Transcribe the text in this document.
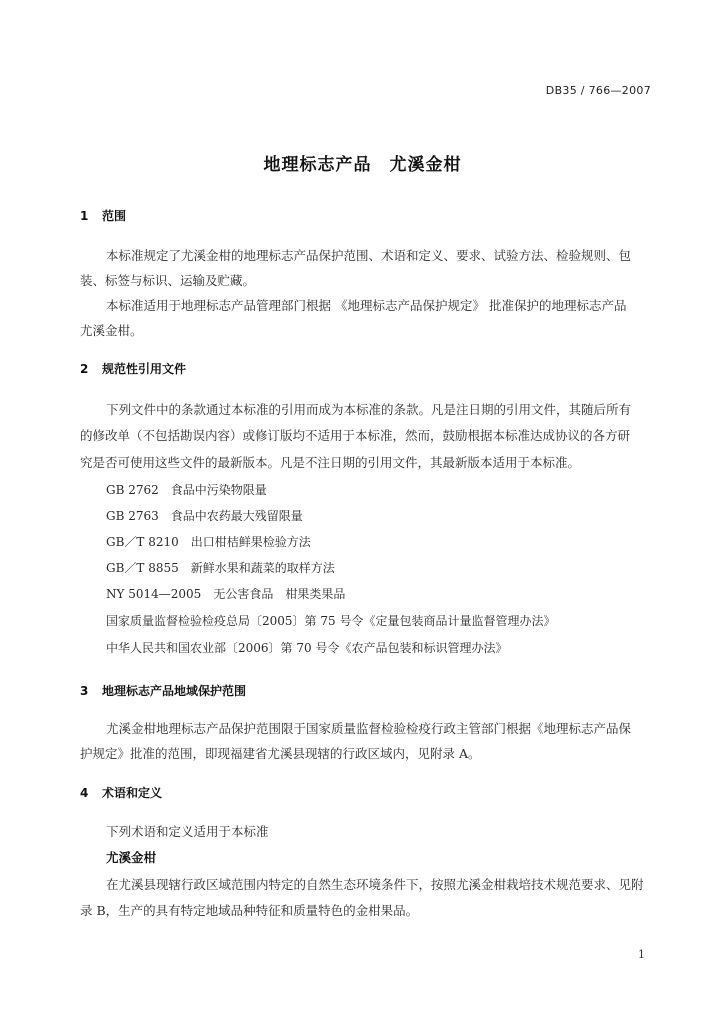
DB35 / 766—2007
地理标志产品　尤溪金柑
1 范围
本标准规定了尤溪金柑的地理标志产品保护范围、术语和定义、要求、试验方法、检验规则、包
装、标签与标识、运输及贮藏。
本标准适用于地理标志产品管理部门根据 《地理标志产品保护规定》 批准保护的地理标志产品
尤溪金柑。
2 规范性引用文件
下列文件中的条款通过本标准的引用而成为本标准的条款。凡是注日期的引用文件，其随后所有
的修改单（不包括勘误内容）或修订版均不适用于本标准，然而，鼓励根据本标准达成协议的各方研
究是否可使用这些文件的最新版本。凡是不注日期的引用文件，其最新版本适用于本标准。
GB 2762　食品中污染物限量
GB 2763　食品中农药最大残留限量
GB／T 8210　出口柑桔鲜果检验方法
GB／T 8855　新鲜水果和蔬菜的取样方法
NY 5014—2005　无公害食品　柑果类果品
国家质量监督检验检疫总局〔2005〕第 75 号令《定量包装商品计量监督管理办法》
中华人民共和国农业部〔2006〕第 70 号令《农产品包装和标识管理办法》
3 地理标志产品地域保护范围
尤溪金柑地理标志产品保护范围限于国家质量监督检验检疫行政主管部门根据《地理标志产品保
护规定》批准的范围，即现福建省尤溪县现辖的行政区域内，见附录 A。
4 术语和定义
下列术语和定义适用于本标准
尤溪金柑
在尤溪县现辖行政区域范围内特定的自然生态环境条件下，按照尤溪金柑栽培技术规范要求、见附
录 B，生产的具有特定地域品种特征和质量特色的金柑果品。
1
